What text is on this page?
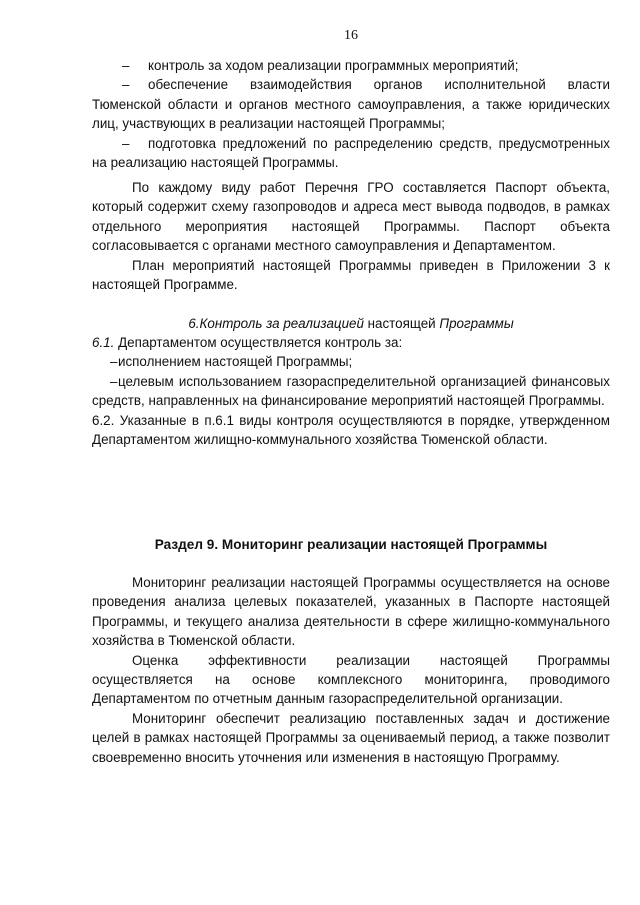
16

– контроль за ходом реализации программных мероприятий;

– обеспечение взаимодействия органов исполнительной власти Тюменской области и органов местного самоуправления, а также юридических лиц, участвующих в реализации настоящей Программы;

– подготовка предложений по распределению средств, предусмотренных на реализацию настоящей Программы.

По каждому виду работ Перечня ГРО составляется Паспорт объекта, который содержит схему газопроводов и адреса мест вывода подводов, в рамках отдельного мероприятия настоящей Программы. Паспорт объекта согласовывается с органами местного самоуправления и Департаментом.

План мероприятий настоящей Программы приведен в Приложении 3 к настоящей Программе.

6.Контроль за реализацией настоящей Программы

6.1. Департаментом осуществляется контроль за:

–исполнением настоящей Программы;

–целевым использованием газораспределительной организацией финансовых средств, направленных на финансирование мероприятий настоящей Программы.

6.2. Указанные в п.6.1 виды контроля осуществляются в порядке, утвержденном Департаментом жилищно-коммунального хозяйства Тюменской области.

Раздел 9. Мониторинг реализации настоящей Программы

Мониторинг реализации настоящей Программы осуществляется на основе проведения анализа целевых показателей, указанных в Паспорте настоящей Программы, и текущего анализа деятельности в сфере жилищно-коммунального хозяйства в Тюменской области.

Оценка эффективности реализации настоящей Программы осуществляется на основе комплексного мониторинга, проводимого Департаментом по отчетным данным газораспределительной организации.

Мониторинг обеспечит реализацию поставленных задач и достижение целей в рамках настоящей Программы за оцениваемый период, а также позволит своевременно вносить уточнения или изменения в настоящую Программу.
